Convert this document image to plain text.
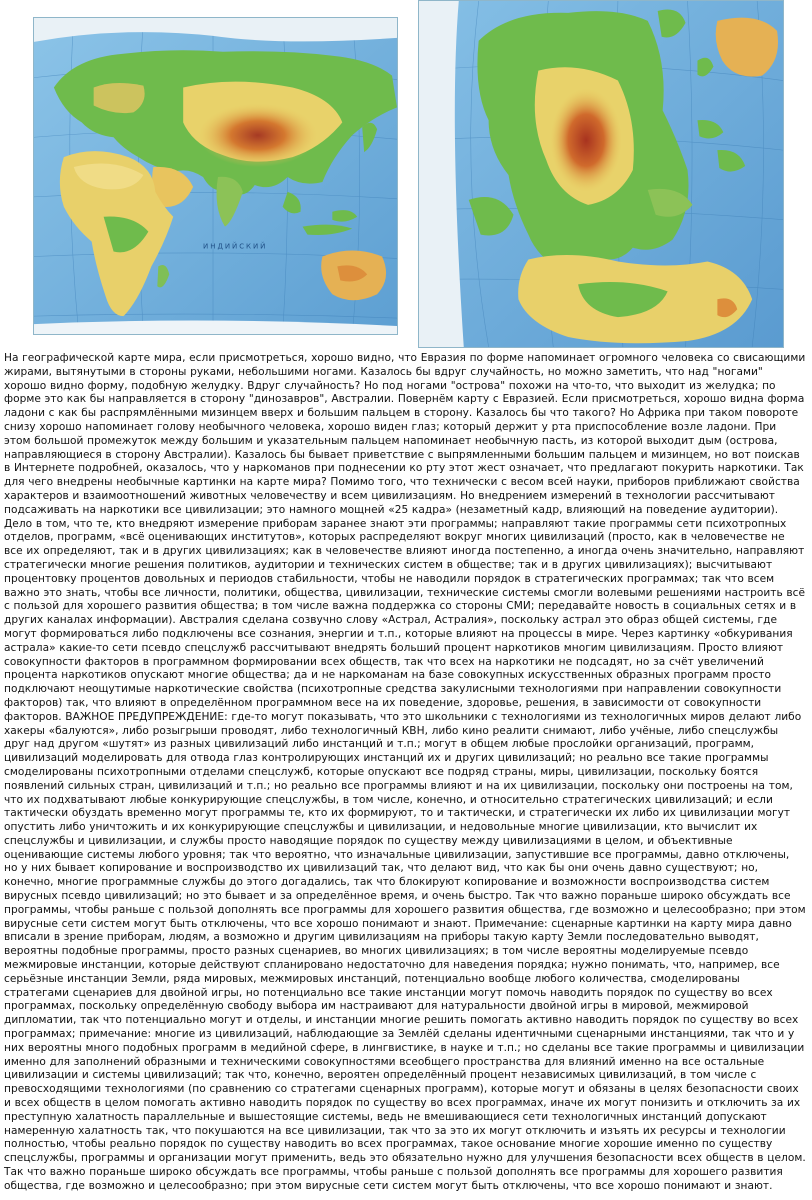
ИНДИЙСКИЙ
На географической карте мира, если присмотреться, хорошо видно, что Евразия по форме напоминает огромного человека со свисающими жирами, вытянутыми в стороны руками, небольшими ногами. Казалось бы вдруг случайность, но можно заметить, что над "ногами" хорошо видно форму, подобную желудку. Вдруг случайность? Но под ногами "острова" похожи на что-то, что выходит из желудка; по форме это как бы направляется в сторону "динозавров", Австралии. Повернём карту с Евразией. Если присмотреться, хорошо видна форма ладони с как бы распрямлёнными мизинцем вверх и большим пальцем в сторону. Казалось бы что такого? Но Африка при таком повороте снизу хорошо напоминает голову необычного человека, хорошо виден глаз; который держит у рта приспособление возле ладони. При этом большой промежуток между большим и указательным пальцем напоминает необычную пасть, из которой выходит дым (острова, направляющиеся в сторону Австралии). Казалось бы бывает приветствие с выпрямленными большим пальцем и мизинцем, но вот поискав в Интернете подробней, оказалось, что у наркоманов при поднесении ко рту этот жест означает, что предлагают покурить наркотики. Так для чего внедрены необычные картинки на карте мира? Помимо того, что технически с весом всей науки, приборов приближают свойства характеров и взаимоотношений животных человечеству и всем цивилизациям. Но внедрением измерений в технологии рассчитывают подсаживать на наркотики все цивилизации; это намного мощней «25 кадра» (незаметный кадр, влияющий на поведение аудитории). Дело в том, что те, кто внедряют измерение приборам заранее знают эти программы; направляют такие программы сети психотропных отделов, программ, «всё оценивающих институтов», которых распределяют вокруг многих цивилизаций (просто, как в человечестве не все их определяют, так и в других цивилизациях; как в человечестве влияют иногда постепенно, а иногда очень значительно, направляют стратегически многие решения политиков, аудитории и технических систем в обществе; так и в других цивилизациях); высчитывают процентовку процентов довольных и периодов стабильности, чтобы не наводили порядок в стратегических программах; так что всем важно это знать, чтобы все личности, политики, общества, цивилизации, технические системы смогли волевыми решениями настроить всё с пользой для хорошего развития общества; в том числе важна поддержка со стороны СМИ; передавайте новость в социальных сетях и в других каналах информации). Австралия сделана созвучно слову «Астрал, Астралия», поскольку астрал это образ общей системы, где могут формироваться либо подключены все сознания, энергии и т.п., которые влияют на процессы в мире. Через картинку «обкуривания астрала» какие-то сети псевдо спецслужб рассчитывают внедрять больший процент наркотиков многим цивилизациям. Просто влияют совокупности факторов в программном формировании всех обществ, так что всех на наркотики не подсадят, но за счёт увеличений процента наркотиков опускают многие общества; да и не наркоманам на базе совокупных искусственных образных программ просто подключают неощутимые наркотические свойства (психотропные средства закулисными технологиями при направлении совокупности факторов) так, что влияют в определённом программном весе на их поведение, здоровье, решения, в зависимости от совокупности факторов. ВАЖНОЕ ПРЕДУПРЕЖДЕНИЕ: где-то могут показывать, что это школьники с технологиями из технологичных миров делают либо хакеры «балуются», либо розыгрыши проводят, либо технологичный КВН, либо кино реалити снимают, либо учёные, либо спецслужбы друг над другом «шутят» из разных цивилизаций либо инстанций и т.п.; могут в общем любые прослойки организаций, программ, цивилизаций моделировать для отвода глаз контролирующих инстанций их и других цивилизаций; но реально все такие программы смоделированы психотропными отделами спецслужб, которые опускают все подряд страны, миры, цивилизации, поскольку боятся появлений сильных стран, цивилизаций и т.п.; но реально все программы влияют и на их цивилизации, поскольку они построены на том, что их подхватывают любые конкурирующие спецслужбы, в том числе, конечно, и относительно стратегических цивилизаций; и если тактически обуздать временно могут программы те, кто их формируют, то и тактически, и стратегически их либо их цивилизации могут опустить либо уничтожить и их конкурирующие спецслужбы и цивилизации, и недовольные многие цивилизации, кто вычислит их спецслужбы и цивилизации, и службы просто наводящие порядок по существу между цивилизациями в целом, и объективные оценивающие системы любого уровня; так что вероятно, что изначальные цивилизации, запустившие все программы, давно отключены, но у них бывает копирование и воспроизводство их цивилизаций так, что делают вид, что как бы они очень давно существуют; но, конечно, многие программные службы до этого догадались, так что блокируют копирование и возможности воспроизводства систем вирусных псевдо цивилизаций; но это бывает и за определённое время, и очень быстро. Так что важно пораньше широко обсуждать все программы, чтобы раньше с пользой дополнять все программы для хорошего развития общества, где возможно и целесообразно; при этом вирусные сети систем могут быть отключены, что все хорошо понимают и знают. Примечание: сценарные картинки на карту мира давно вписали в зрение приборам, людям, а возможно и другим цивилизациям на приборы такую карту Земли последовательно выводят, вероятны подобные программы, просто разных сценариев, во многих цивилизациях; в том числе вероятны моделируемые псевдо межмировые инстанции, которые действуют спланировано недостаточно для наведения порядка; нужно понимать, что, например, все серьёзные инстанции Земли, ряда мировых, межмировых инстанций, потенциально вообще любого количества, смоделированы стратегами сценариев для двойной игры, но потенциально все такие инстанции могут помочь наводить порядок по существу во всех программах, поскольку определённую свободу выбора им настраивают для натуральности двойной игры в мировой, межмировой дипломатии, так что потенциально могут и отделы, и инстанции многие решить помогать активно наводить порядок по существу во всех программах; примечание: многие из цивилизаций, наблюдающие за Землёй сделаны идентичными сценарными инстанциями, так что и у них вероятны много подобных программ в медийной сфере, в лингвистике, в науке и т.п.; но сделаны все такие программы и цивилизации именно для заполнений образными и техническими совокупностями всеобщего пространства для влияний именно на все остальные цивилизации и системы цивилизаций; так что, конечно, вероятен определённый процент независимых цивилизаций, в том числе с превосходящими технологиями (по сравнению со стратегами сценарных программ), которые могут и обязаны в целях безопасности своих и всех обществ в целом помогать активно наводить порядок по существу во всех программах, иначе их могут понизить и отключить за их преступную халатность параллельные и вышестоящие системы, ведь не вмешивающиеся сети технологичных инстанций допускают намеренную халатность так, что покушаются на все цивилизации, так что за это их могут отключить и изъять их ресурсы и технологии полностью, чтобы реально порядок по существу наводить во всех программах, такое основание многие хорошие именно по существу спецслужбы, программы и организации могут применить, ведь это обязательно нужно для улучшения безопасности всех обществ в целом. Так что важно пораньше широко обсуждать все программы, чтобы раньше с пользой дополнять все программы для хорошего развития общества, где возможно и целесообразно; при этом вирусные сети систем могут быть отключены, что все хорошо понимают и знают.
